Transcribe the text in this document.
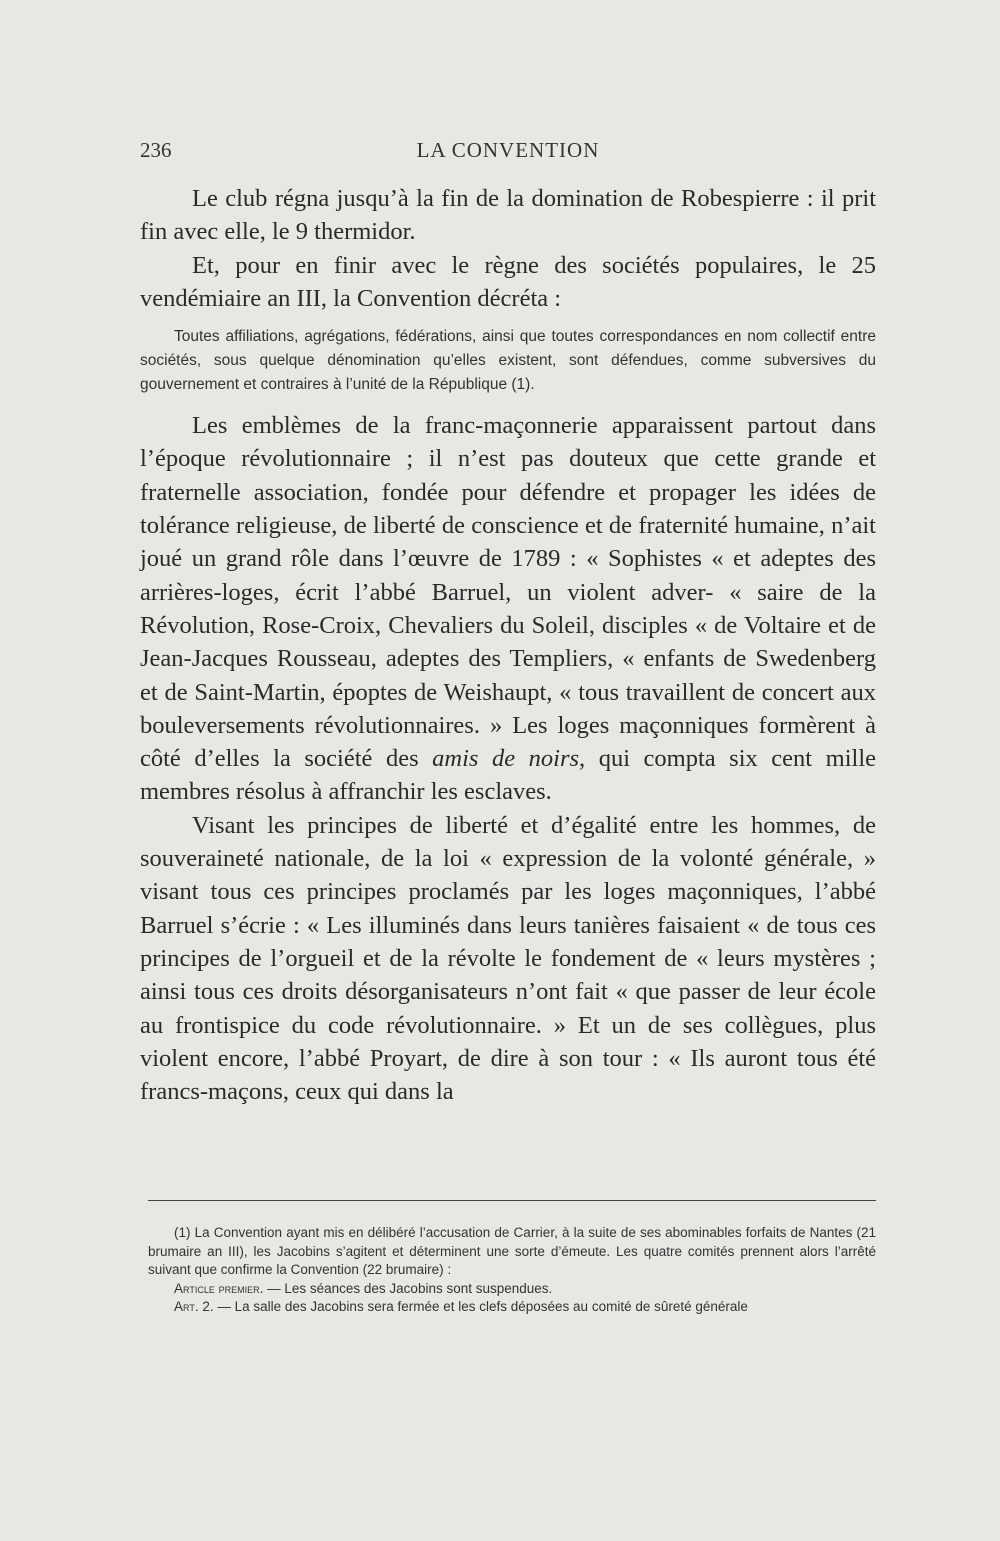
236	LA CONVENTION

Le club régna jusqu’à la fin de la domination de Robespierre : il prit fin avec elle, le 9 thermidor.

Et, pour en finir avec le règne des sociétés populaires, le 25 vendémiaire an III, la Convention décréta :

Toutes affiliations, agrégations, fédérations, ainsi que toutes correspondances en nom collectif entre sociétés, sous quelque dénomination qu’elles existent, sont défendues, comme subversives du gouvernement et contraires à l’unité de la République (1).

Les emblèmes de la franc-maçonnerie apparaissent partout dans l’époque révolutionnaire ; il n’est pas douteux que cette grande et fraternelle association, fondée pour défendre et propager les idées de tolérance religieuse, de liberté de conscience et de fraternité humaine, n’ait joué un grand rôle dans l’œuvre de 1789 : « Sophistes « et adeptes des arrières-loges, écrit l’abbé Barruel, un violent adver- « saire de la Révolution, Rose-Croix, Chevaliers du Soleil, disciples « de Voltaire et de Jean-Jacques Rousseau, adeptes des Templiers, « enfants de Swedenberg et de Saint-Martin, époptes de Weishaupt, « tous travaillent de concert aux bouleversements révolutionnaires. » Les loges maçonniques formèrent à côté d’elles la société des amis de noirs, qui compta six cent mille membres résolus à affranchir les esclaves.

Visant les principes de liberté et d’égalité entre les hommes, de souveraineté nationale, de la loi « expression de la volonté générale, » visant tous ces principes proclamés par les loges maçonniques, l’abbé Barruel s’écrie : « Les illuminés dans leurs tanières faisaient « de tous ces principes de l’orgueil et de la révolte le fondement de « leurs mystères ; ainsi tous ces droits désorganisateurs n’ont fait « que passer de leur école au frontispice du code révolutionnaire. » Et un de ses collègues, plus violent encore, l’abbé Proyart, de dire à son tour : « Ils auront tous été francs-maçons, ceux qui dans la

(1) La Convention ayant mis en délibéré l’accusation de Carrier, à la suite de ses abominables forfaits de Nantes (21 brumaire an III), les Jacobins s’agitent et déterminent une sorte d’émeute. Les quatre comités prennent alors l’arrêté suivant que confirme la Convention (22 brumaire) :

Article premier. — Les séances des Jacobins sont suspendues.

Art. 2. — La salle des Jacobins sera fermée et les clefs déposées au comité de sûreté générale
